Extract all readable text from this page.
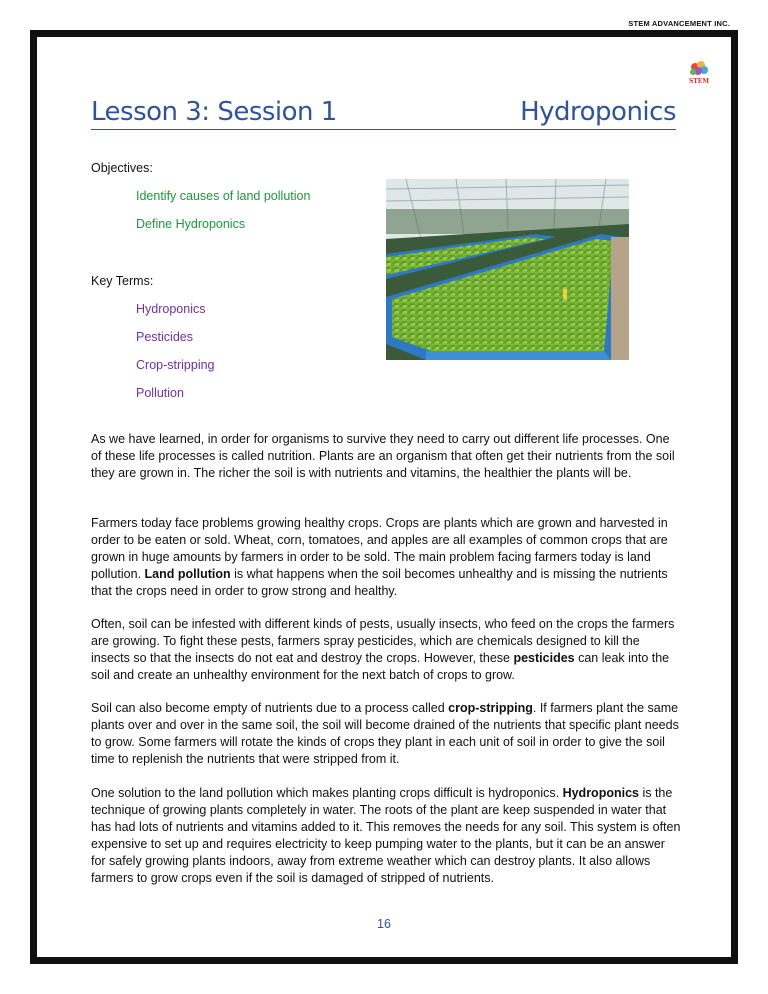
STEM ADVANCEMENT INC.
STEM
Lesson 3: Session 1	Hydroponics
Objectives:
Identify causes of land pollution
Define Hydroponics
Key Terms:
Hydroponics
Pesticides
Crop-stripping
Pollution

As we have learned, in order for organisms to survive they need to carry out different life processes. One of these life processes is called nutrition. Plants are an organism that often get their nutrients from the soil they are grown in. The richer the soil is with nutrients and vitamins, the healthier the plants will be.

Farmers today face problems growing healthy crops. Crops are plants which are grown and harvested in order to be eaten or sold. Wheat, corn, tomatoes, and apples are all examples of common crops that are grown in huge amounts by farmers in order to be sold. The main problem facing farmers today is land pollution. Land pollution is what happens when the soil becomes unhealthy and is missing the nutrients that the crops need in order to grow strong and healthy.

Often, soil can be infested with different kinds of pests, usually insects, who feed on the crops the farmers are growing. To fight these pests, farmers spray pesticides, which are chemicals designed to kill the insects so that the insects do not eat and destroy the crops. However, these pesticides can leak into the soil and create an unhealthy environment for the next batch of crops to grow.

Soil can also become empty of nutrients due to a process called crop-stripping. If farmers plant the same plants over and over in the same soil, the soil will become drained of the nutrients that specific plant needs to grow. Some farmers will rotate the kinds of crops they plant in each unit of soil in order to give the soil time to replenish the nutrients that were stripped from it.

One solution to the land pollution which makes planting crops difficult is hydroponics. Hydroponics is the technique of growing plants completely in water. The roots of the plant are keep suspended in water that has had lots of nutrients and vitamins added to it. This removes the needs for any soil. This system is often expensive to set up and requires electricity to keep pumping water to the plants, but it can be an answer for safely growing plants indoors, away from extreme weather which can destroy plants. It also allows farmers to grow crops even if the soil is damaged of stripped of nutrients.

16
